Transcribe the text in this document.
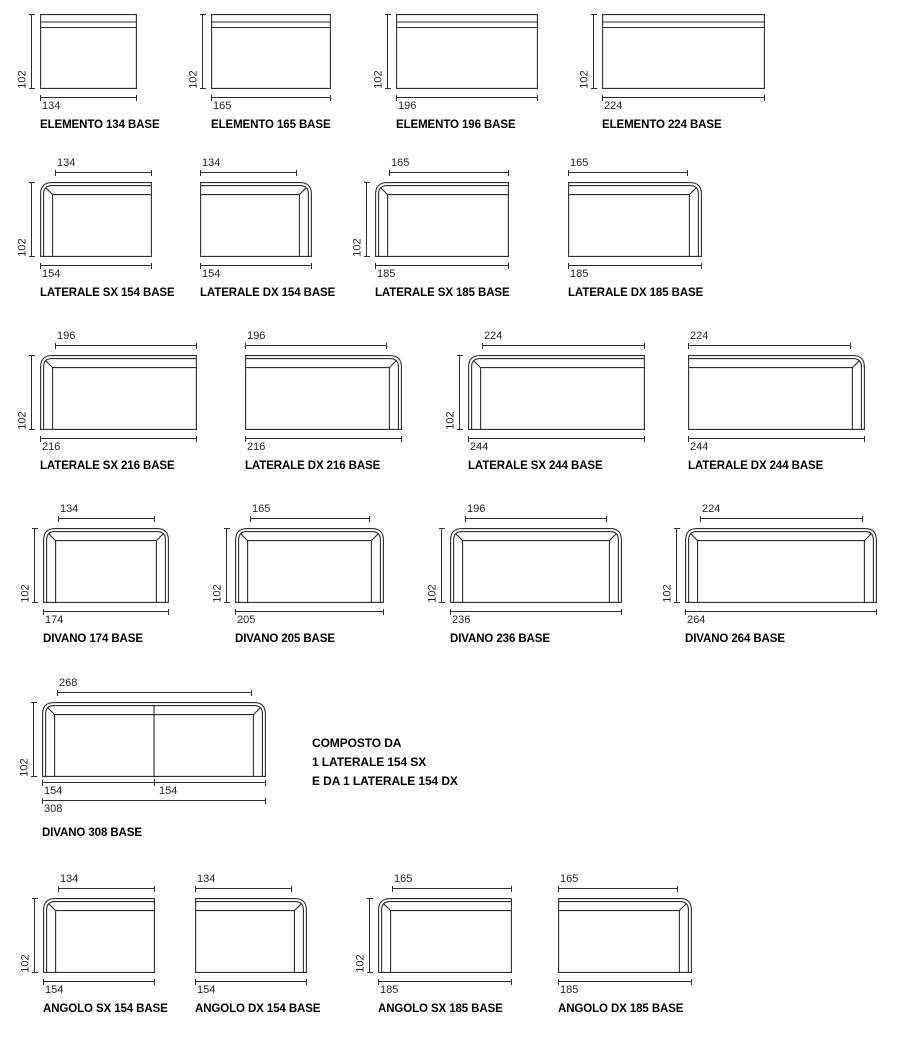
102
134
ELEMENTO 134 BASE
102
165
ELEMENTO 165 BASE
102
196
ELEMENTO 196 BASE
102
224
ELEMENTO 224 BASE
134
102
154
LATERALE SX 154 BASE
134
154
LATERALE DX 154 BASE
165
102
185
LATERALE SX 185 BASE
165
185
LATERALE DX 185 BASE
196
102
216
LATERALE SX 216 BASE
196
216
LATERALE DX 216 BASE
224
102
244
LATERALE SX 244 BASE
224
244
LATERALE DX 244 BASE
134
102
174
DIVANO 174 BASE
165
102
205
DIVANO 205 BASE
196
102
236
DIVANO 236 BASE
224
102
264
DIVANO 264 BASE
268
102
154	154
308
DIVANO 308 BASE
134
102
154
ANGOLO SX 154 BASE
134
154
ANGOLO DX 154 BASE
165
102
185
ANGOLO SX 185 BASE
165
185
ANGOLO DX 185 BASE
COMPOSTO DA
1 LATERALE 154 SX
E DA 1 LATERALE 154 DX
